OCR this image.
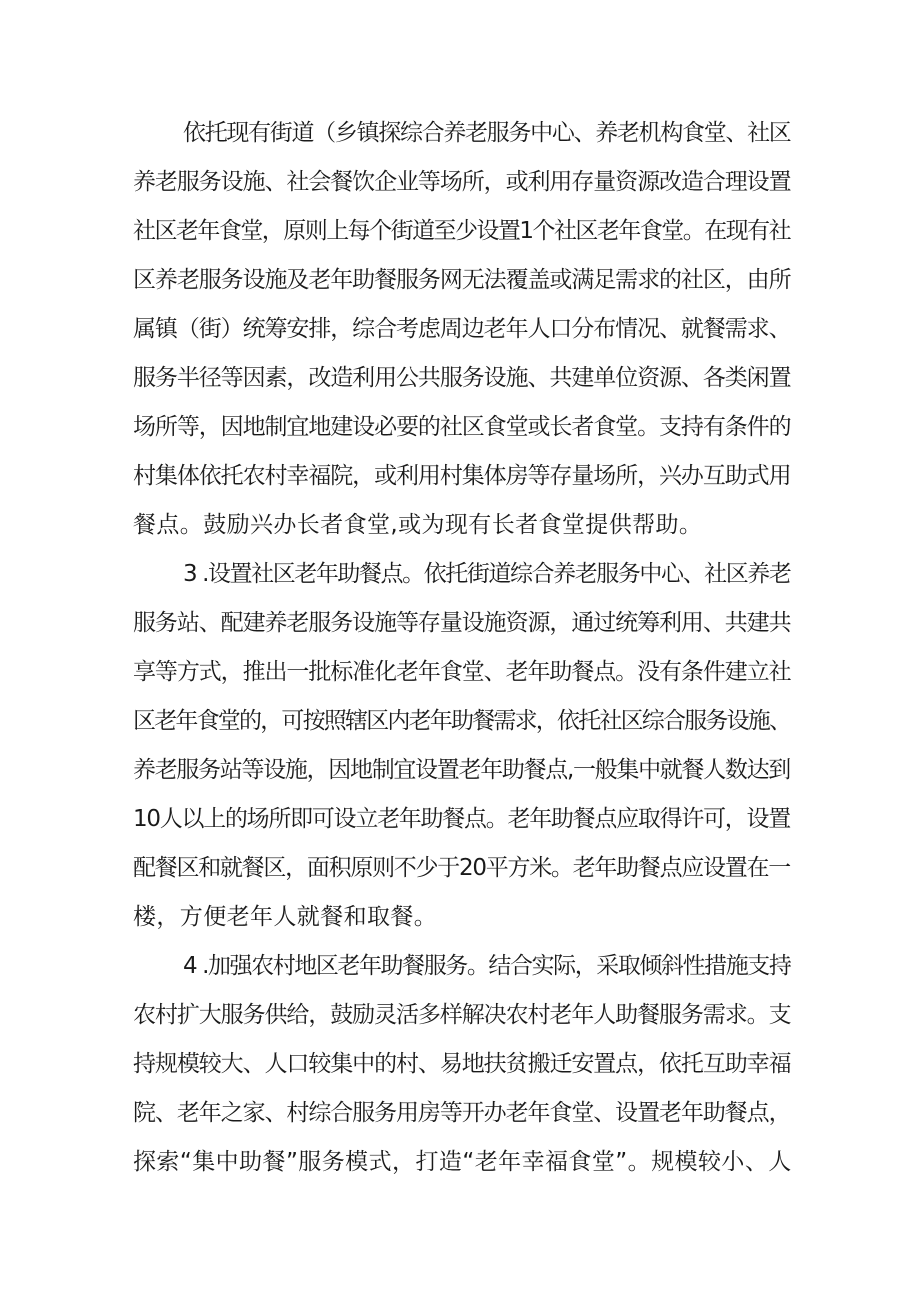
依托现有街道（乡镇探综合养老服务中心、养老机构食堂、社区
养老服务设施、社会餐饮企业等场所，或利用存量资源改造合理设置
社区老年食堂，原则上每个街道至少设置1个社区老年食堂。在现有社
区养老服务设施及老年助餐服务网无法覆盖或满足需求的社区，由所
属镇（街）统筹安排，综合考虑周边老年人口分布情况、就餐需求、
服务半径等因素，改造利用公共服务设施、共建单位资源、各类闲置
场所等，因地制宜地建设必要的社区食堂或长者食堂。支持有条件的
村集体依托农村幸福院，或利用村集体房等存量场所，兴办互助式用
餐点。鼓励兴办长者食堂,或为现有长者食堂提供帮助。
3 .设置社区老年助餐点。依托街道综合养老服务中心、社区养老
服务站、配建养老服务设施等存量设施资源，通过统筹利用、共建共
享等方式，推出一批标准化老年食堂、老年助餐点。没有条件建立社
区老年食堂的，可按照辖区内老年助餐需求，依托社区综合服务设施、
养老服务站等设施，因地制宜设置老年助餐点,一般集中就餐人数达到
10人以上的场所即可设立老年助餐点。老年助餐点应取得许可，设置
配餐区和就餐区，面积原则不少于20平方米。老年助餐点应设置在一
楼，方便老年人就餐和取餐。
4 .加强农村地区老年助餐服务。结合实际，采取倾斜性措施支持
农村扩大服务供给，鼓励灵活多样解决农村老年人助餐服务需求。支
持规模较大、人口较集中的村、易地扶贫搬迁安置点，依托互助幸福
院、老年之家、村综合服务用房等开办老年食堂、设置老年助餐点，
探索“集中助餐”服务模式，打造“老年幸福食堂”。规模较小、人
